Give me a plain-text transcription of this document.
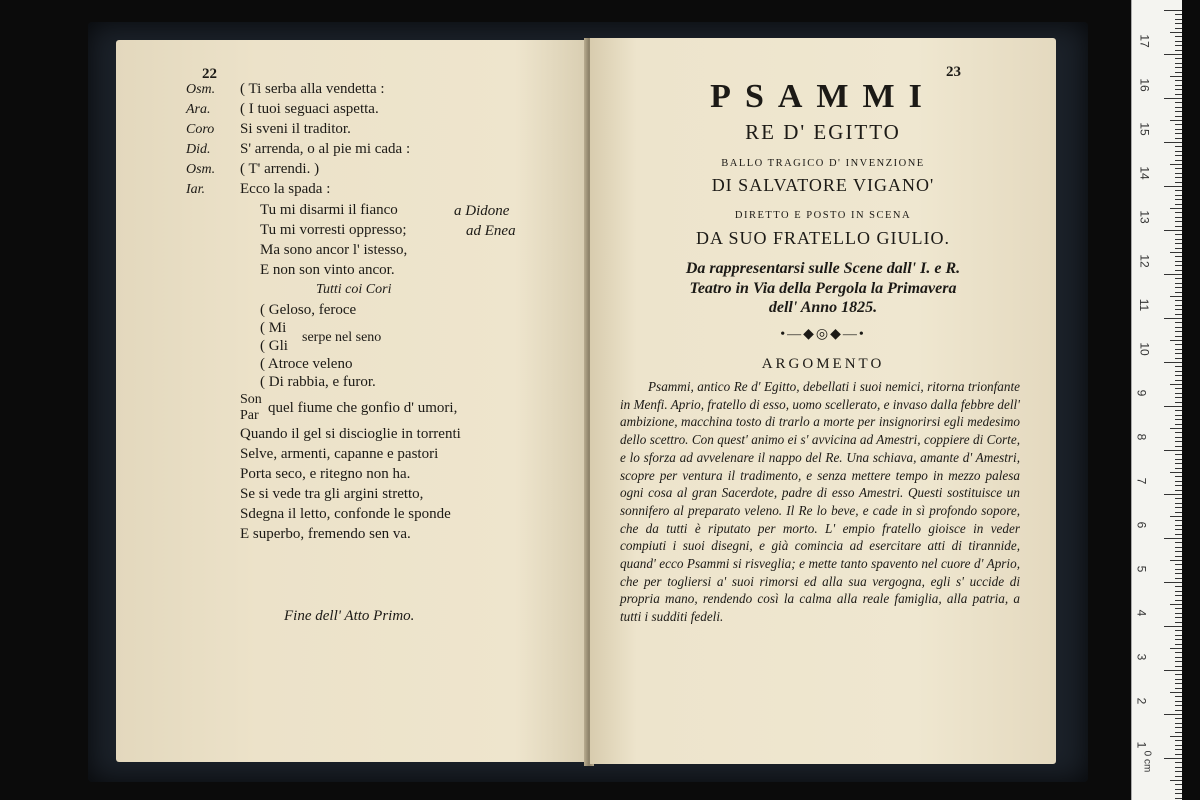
22
Osm.
Ara.
Coro
Did.
Osm.
Iar.
( Ti serba alla vendetta :
( I tuoi seguaci aspetta.
Si sveni il traditor.
S' arrenda, o al pie mi cada :
( T' arrendi. )
Ecco la spada :
Tu mi disarmi il fianco	a Didone
Tu mi vorresti oppresso;	ad Enea
Ma sono ancor l' istesso,
E non son vinto ancor.
Tutti coi Cori
( Geloso, feroce
( Mi
( Gli
serpe nel seno
( Atroce veleno
( Di rabbia, e furor.
Son
Par quel fiume che gonfio d' umori,
Quando il gel si discioglie in torrenti
Selve, armenti, capanne e pastori
Porta seco, e ritegno non ha.
Se si vede tra gli argini stretto,
Sdegna il letto, confonde le sponde
E superbo, fremendo sen va.
Fine dell' Atto Primo.
23
PSAMMI
RE D' EGITTO
BALLO TRAGICO D' INVENZIONE
DI SALVATORE VIGANO'
DIRETTO E POSTO IN SCENA
DA SUO FRATELLO GIULIO.
Da rappresentarsi sulle Scene dall' I. e R.
Teatro in Via della Pergola la Primavera
dell' Anno 1825.
•—◆◎◆—•
ARGOMENTO
Psammi, antico Re d' Egitto, debellati i suoi nemici, ritorna trionfante in Menfi. Aprio, fratello di esso, uomo scellerato, e invaso dalla febbre dell' ambizione, macchina tosto di trarlo a morte per insignorirsi egli medesimo dello scettro. Con quest' animo ei s' avvicina ad Amestri, coppiere di Corte, e lo sforza ad avvelenare il nappo del Re. Una schiava, amante d' Amestri, scopre per ventura il tradimento, e senza mettere tempo in mezzo palesa ogni cosa al gran Sacerdote, padre di esso Amestri. Questi sostituisce un sonnifero al preparato veleno. Il Re lo beve, e cade in sì profondo sopore, che da tutti è riputato per morto. L' empio fratello gioisce in veder compiuti i suoi disegni, e già comincia ad esercitare atti di tirannide, quand' ecco Psammi si risveglia; e mette tanto spavento nel cuore d' Aprio, che per togliersi a' suoi rimorsi ed alla sua vergogna, egli s' uccide di propria mano, rendendo così la calma alla reale famiglia, alla patria, a tutti i sudditi fedeli.
0 cm
1
2
3
4
5
6
7
8
9
10
11
12
13
14
15
16
17
